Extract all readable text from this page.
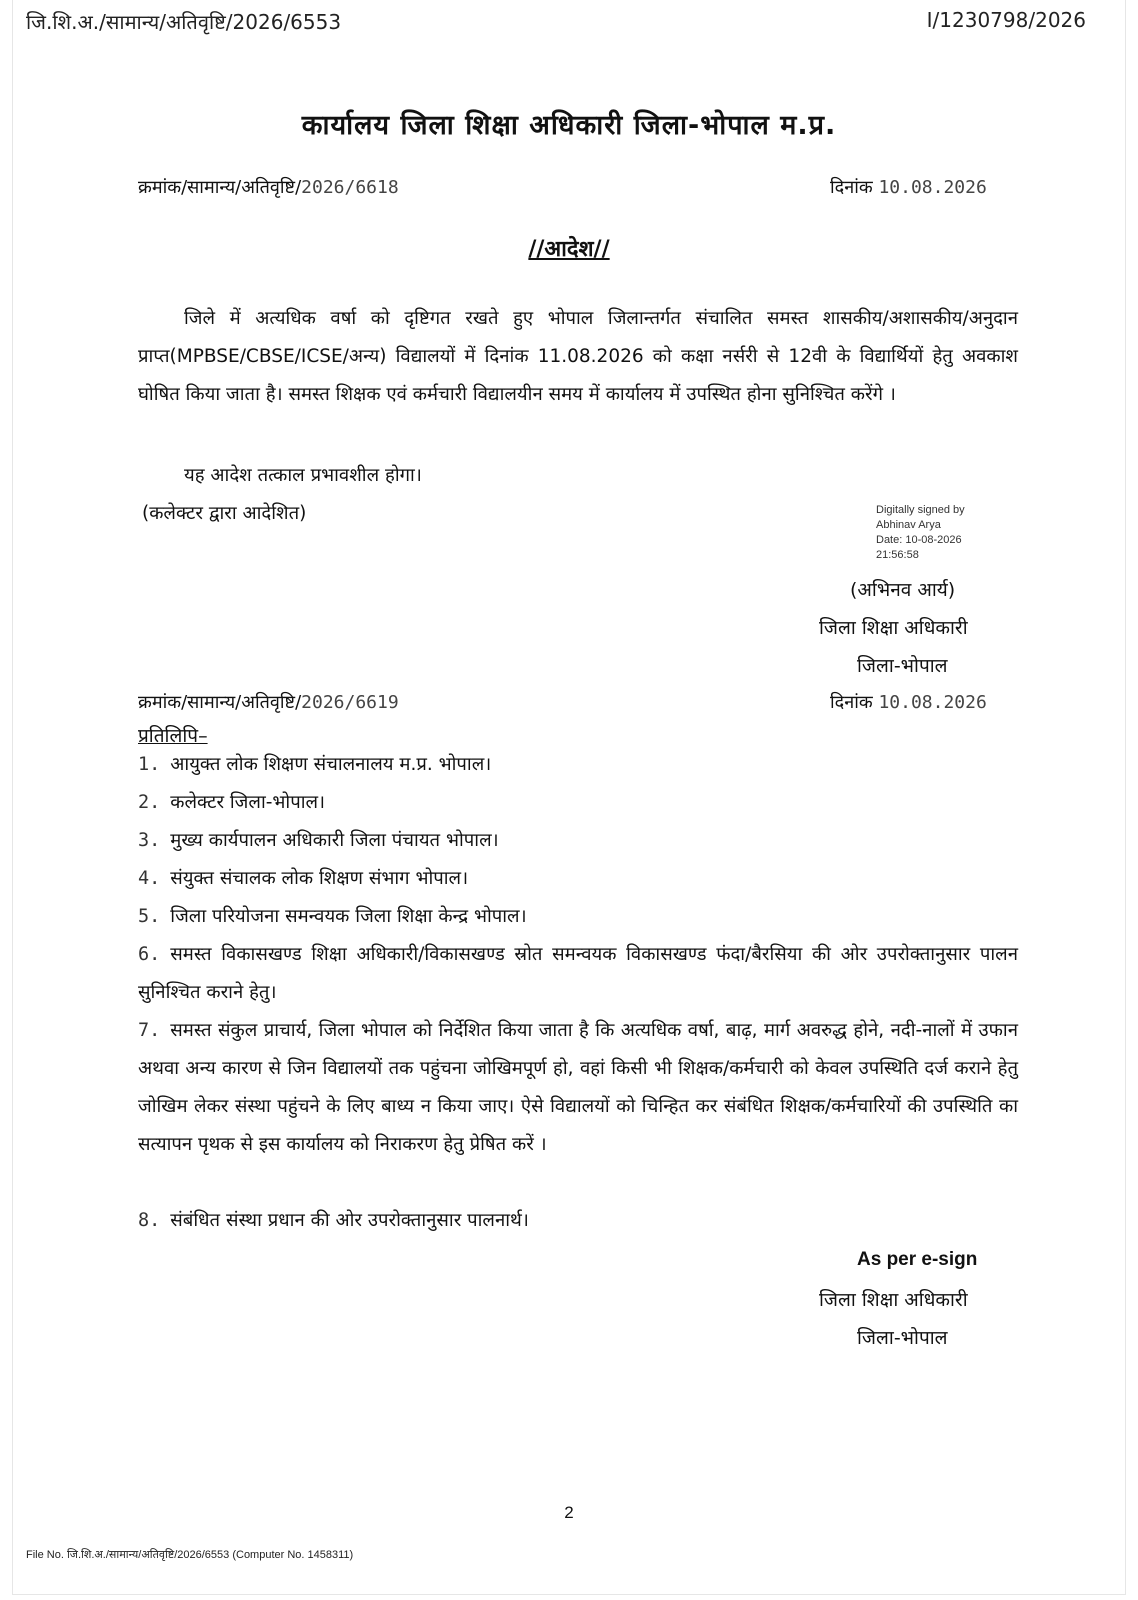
जि.शि.अ./सामान्य/अतिवृष्टि/2026/6553	I/1230798/2026
कार्यालय जिला शिक्षा अधिकारी जिला-भोपाल म.प्र.
क्रमांक/सामान्य/अतिवृष्टि/2026/6618	दिनांक 10.08.2026
//आदेश//
जिले में अत्यधिक वर्षा को दृष्टिगत रखते हुए भोपाल जिलान्तर्गत संचालित समस्त शासकीय/अशासकीय/अनुदान प्राप्त(MPBSE/CBSE/ICSE/अन्य) विद्यालयों में दिनांक 11.08.2026 को कक्षा नर्सरी से 12वी के विद्यार्थियों हेतु अवकाश घोषित किया जाता है। समस्त शिक्षक एवं कर्मचारी विद्यालयीन समय में कार्यालय में उपस्थित होना सुनिश्चित करेंगे ।
यह आदेश तत्काल प्रभावशील होगा।
(कलेक्टर द्वारा आदेशित)	Digitally signed by
Abhinav Arya
Date: 10-08-2026
21:56:58
(अभिनव आर्य)
जिला शिक्षा अधिकारी
जिला-भोपाल
क्रमांक/सामान्य/अतिवृष्टि/2026/6619	दिनांक 10.08.2026
प्रतिलिपि–
1. आयुक्त लोक शिक्षण संचालनालय म.प्र. भोपाल।
2. कलेक्टर जिला-भोपाल।
3. मुख्य कार्यपालन अधिकारी जिला पंचायत भोपाल।
4. संयुक्त संचालक लोक शिक्षण संभाग भोपाल।
5. जिला परियोजना समन्वयक जिला शिक्षा केन्द्र भोपाल।
6. समस्त विकासखण्ड शिक्षा अधिकारी/विकासखण्ड स्रोत समन्वयक विकासखण्ड फंदा/बैरसिया की ओर उपरोक्तानुसार पालन सुनिश्चित कराने हेतु।
7. समस्त संकुल प्राचार्य, जिला भोपाल को निर्देशित किया जाता है कि अत्यधिक वर्षा, बाढ़, मार्ग अवरुद्ध होने, नदी-नालों में उफान अथवा अन्य कारण से जिन विद्यालयों तक पहुंचना जोखिमपूर्ण हो, वहां किसी भी शिक्षक/कर्मचारी को केवल उपस्थिति दर्ज कराने हेतु जोखिम लेकर संस्था पहुंचने के लिए बाध्य न किया जाए। ऐसे विद्यालयों को चिन्हित कर संबंधित शिक्षक/कर्मचारियों की उपस्थिति का सत्यापन पृथक से इस कार्यालय को निराकरण हेतु प्रेषित करें ।
8. संबंधित संस्था प्रधान की ओर उपरोक्तानुसार पालनार्थ।
As per e-sign
जिला शिक्षा अधिकारी
जिला-भोपाल
2
File No. जि.शि.अ./सामान्य/अतिवृष्टि/2026/6553 (Computer No. 1458311)
